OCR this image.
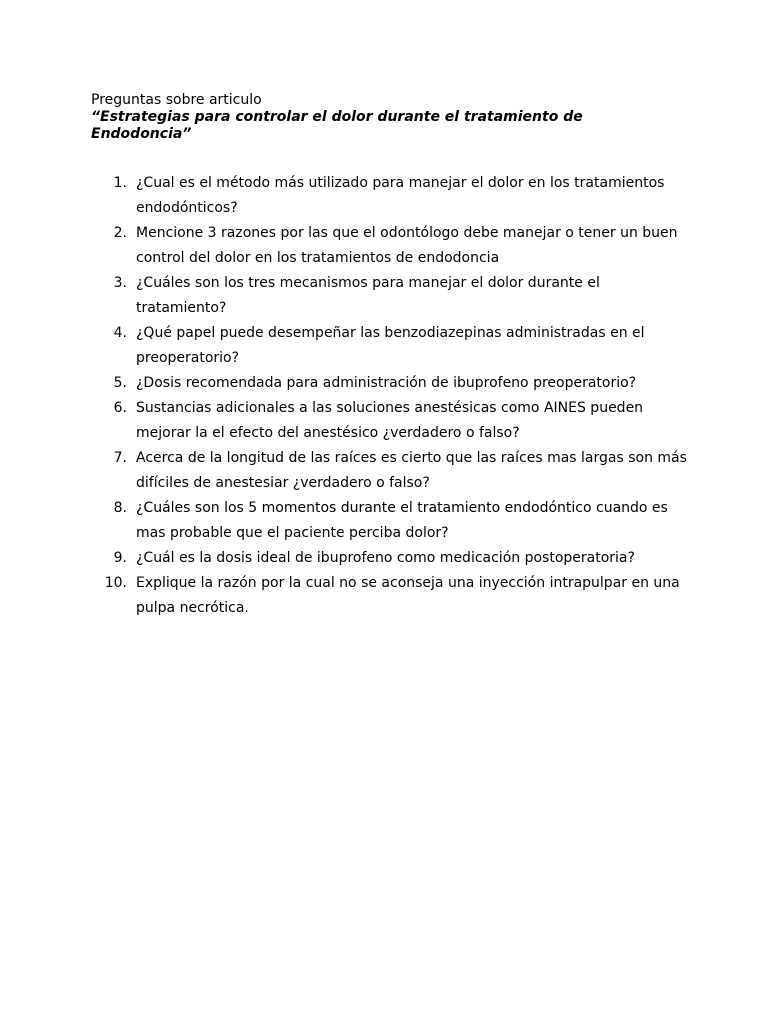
Preguntas sobre articulo
“Estrategias para controlar el dolor durante el tratamiento de Endodoncia”
1. ¿Cual es el método más utilizado para manejar el dolor en los tratamientos endodónticos?
2. Mencione 3 razones por las que el odontólogo debe manejar o tener un buen control del dolor en los tratamientos de endodoncia
3. ¿Cuáles son los tres mecanismos para manejar el dolor durante el tratamiento?
4. ¿Qué papel puede desempeñar las benzodiazepinas administradas en el preoperatorio?
5. ¿Dosis recomendada para administración de ibuprofeno preoperatorio?
6. Sustancias adicionales a las soluciones anestésicas como AINES pueden mejorar la el efecto del anestésico ¿verdadero o falso?
7. Acerca de la longitud de las raíces es cierto que las raíces mas largas son más difíciles de anestesiar ¿verdadero o falso?
8. ¿Cuáles son los 5 momentos durante el tratamiento endodóntico cuando es mas probable que el paciente perciba dolor?
9. ¿Cuál es la dosis ideal de ibuprofeno como medicación postoperatoria?
10. Explique la razón por la cual no se aconseja una inyección intrapulpar en una pulpa necrótica.
